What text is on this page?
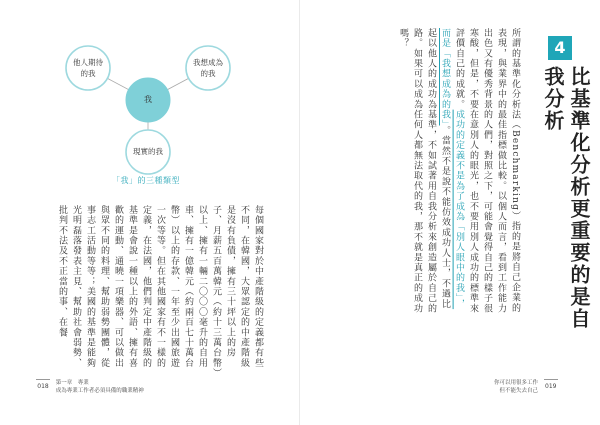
他人期待的我
我想成為的我
我
現實的我
「我」的三種類型

每個國家對於中產階級的定義都有些不同，在韓國，大眾認定的中產階級是沒有負債，擁有三十坪以上的房子、月薪五百萬韓元（約十三萬台幣）以上、擁有一輛二〇〇〇毫升的自用車、擁有一億韓元（約兩百七十萬台幣）以上的存款、一年至少出國旅遊一次等等。但在其他國家有不一樣的定義，在法國，他們判定中產階級的基準是會說一種以上的外語、擁有喜歡的運動、通曉一項樂器、可以做出與眾不同的料理、幫助弱勢團體，從事志工活動等等；美國的基準是能夠光明磊落發表主見、幫助社會弱勢、批判不法及不正當的事、在餐

018 第一章　專業
成為專業工作者必須具備的職業精神

所謂的基準化分析法（Benchmarking）指的是將自己企業的表現，與業界中的最佳指標做比較。以個人而言，看到工作能力出色又有優秀背景的人們，對照之下，可能會覺得自己的樣子很寒酸，但是，不要在意別人的眼光，也不要用別人成功的標準來評價自己的成就。成功的定義不是為了成為「別人眼中的我」，而是「我想成為的我」。當然不是說不能仿效成功人士，不過比起以他人的成功為基準，不如試著用自我分析來創造屬於自己的路。如果可以成為任何人都無法取代的我，那不就是真正的成功嗎？	4
比基準化分析更重要的是自我分析
你可以用很多工作
但不能失去自己 019
